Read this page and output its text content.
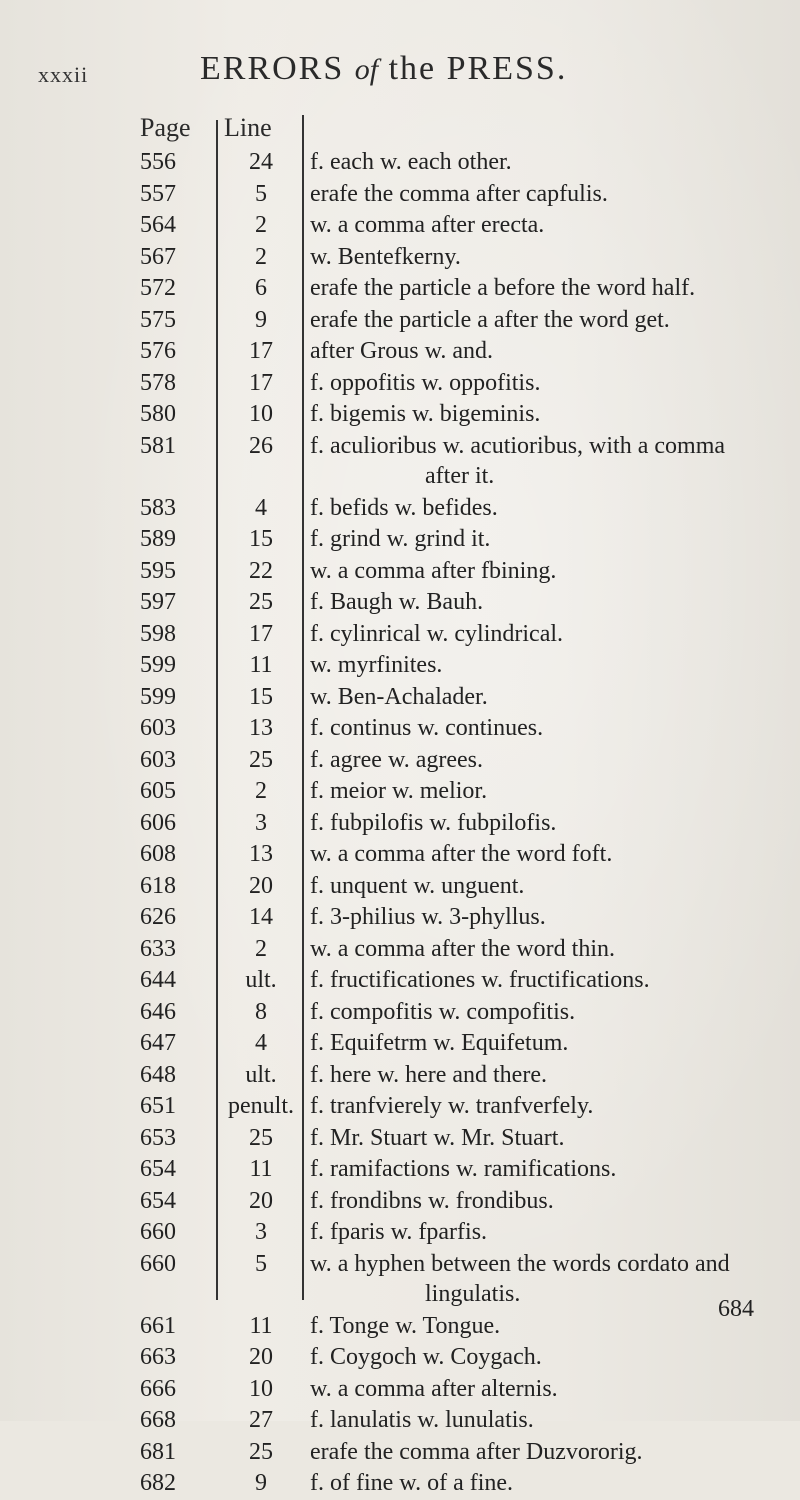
xxxii	ERRORS of the PRESS.
Page Line
556	24	f. each w. each other.
557	5	erafe the comma after capfulis.
564	2	w. a comma after erecta.
567	2	w. Bentefkerny.
572	6	erafe the particle a before the word half.
575	9	erafe the particle a after the word get.
576	17	after Grous w. and.
578	17	f. oppofitis w. oppofitis.
580	10	f. bigemis w. bigeminis.
581	26	f. aculioribus w. acutioribus, with a comma
after it.
583	4	f. befids w. befides.
589	15	f. grind w. grind it.
595	22	w. a comma after fbining.
597	25	f. Baugh w. Bauh.
598	17	f. cylinrical w. cylindrical.
599	11	w. myrfinites.
599	15	w. Ben-Achalader.
603	13	f. continus w. continues.
603	25	f. agree w. agrees.
605	2	f. meior w. melior.
606	3	f. fubpilofis w. fubpilofis.
608	13	w. a comma after the word foft.
618	20	f. unquent w. unguent.
626	14	f. 3-philius w. 3-phyllus.
633	2	w. a comma after the word thin.
644	ult.	f. fructificationes w. fructifications.
646	8	f. compofitis w. compofitis.
647	4	f. Equifetrm w. Equifetum.
648	ult.	f. here w. here and there.
651	penult. f. tranfvierely w. tranfverfely.
653	25	f. Mr. Stuart w. Mr. Stuart.
654	11	f. ramifactions w. ramifications.
654	20	f. frondibns w. frondibus.
660	3	f. fparis w. fparfis.
660	5	w. a hyphen between the words cordato and
lingulatis.
661	11	f. Tonge w. Tongue.
663	20	f. Coygoch w. Coygach.
666	10	w. a comma after alternis.
668	27	f. lanulatis w. lunulatis.
681	25	erafe the comma after Duzvororig.
682	9	f. of fine w. of a fine.
684
